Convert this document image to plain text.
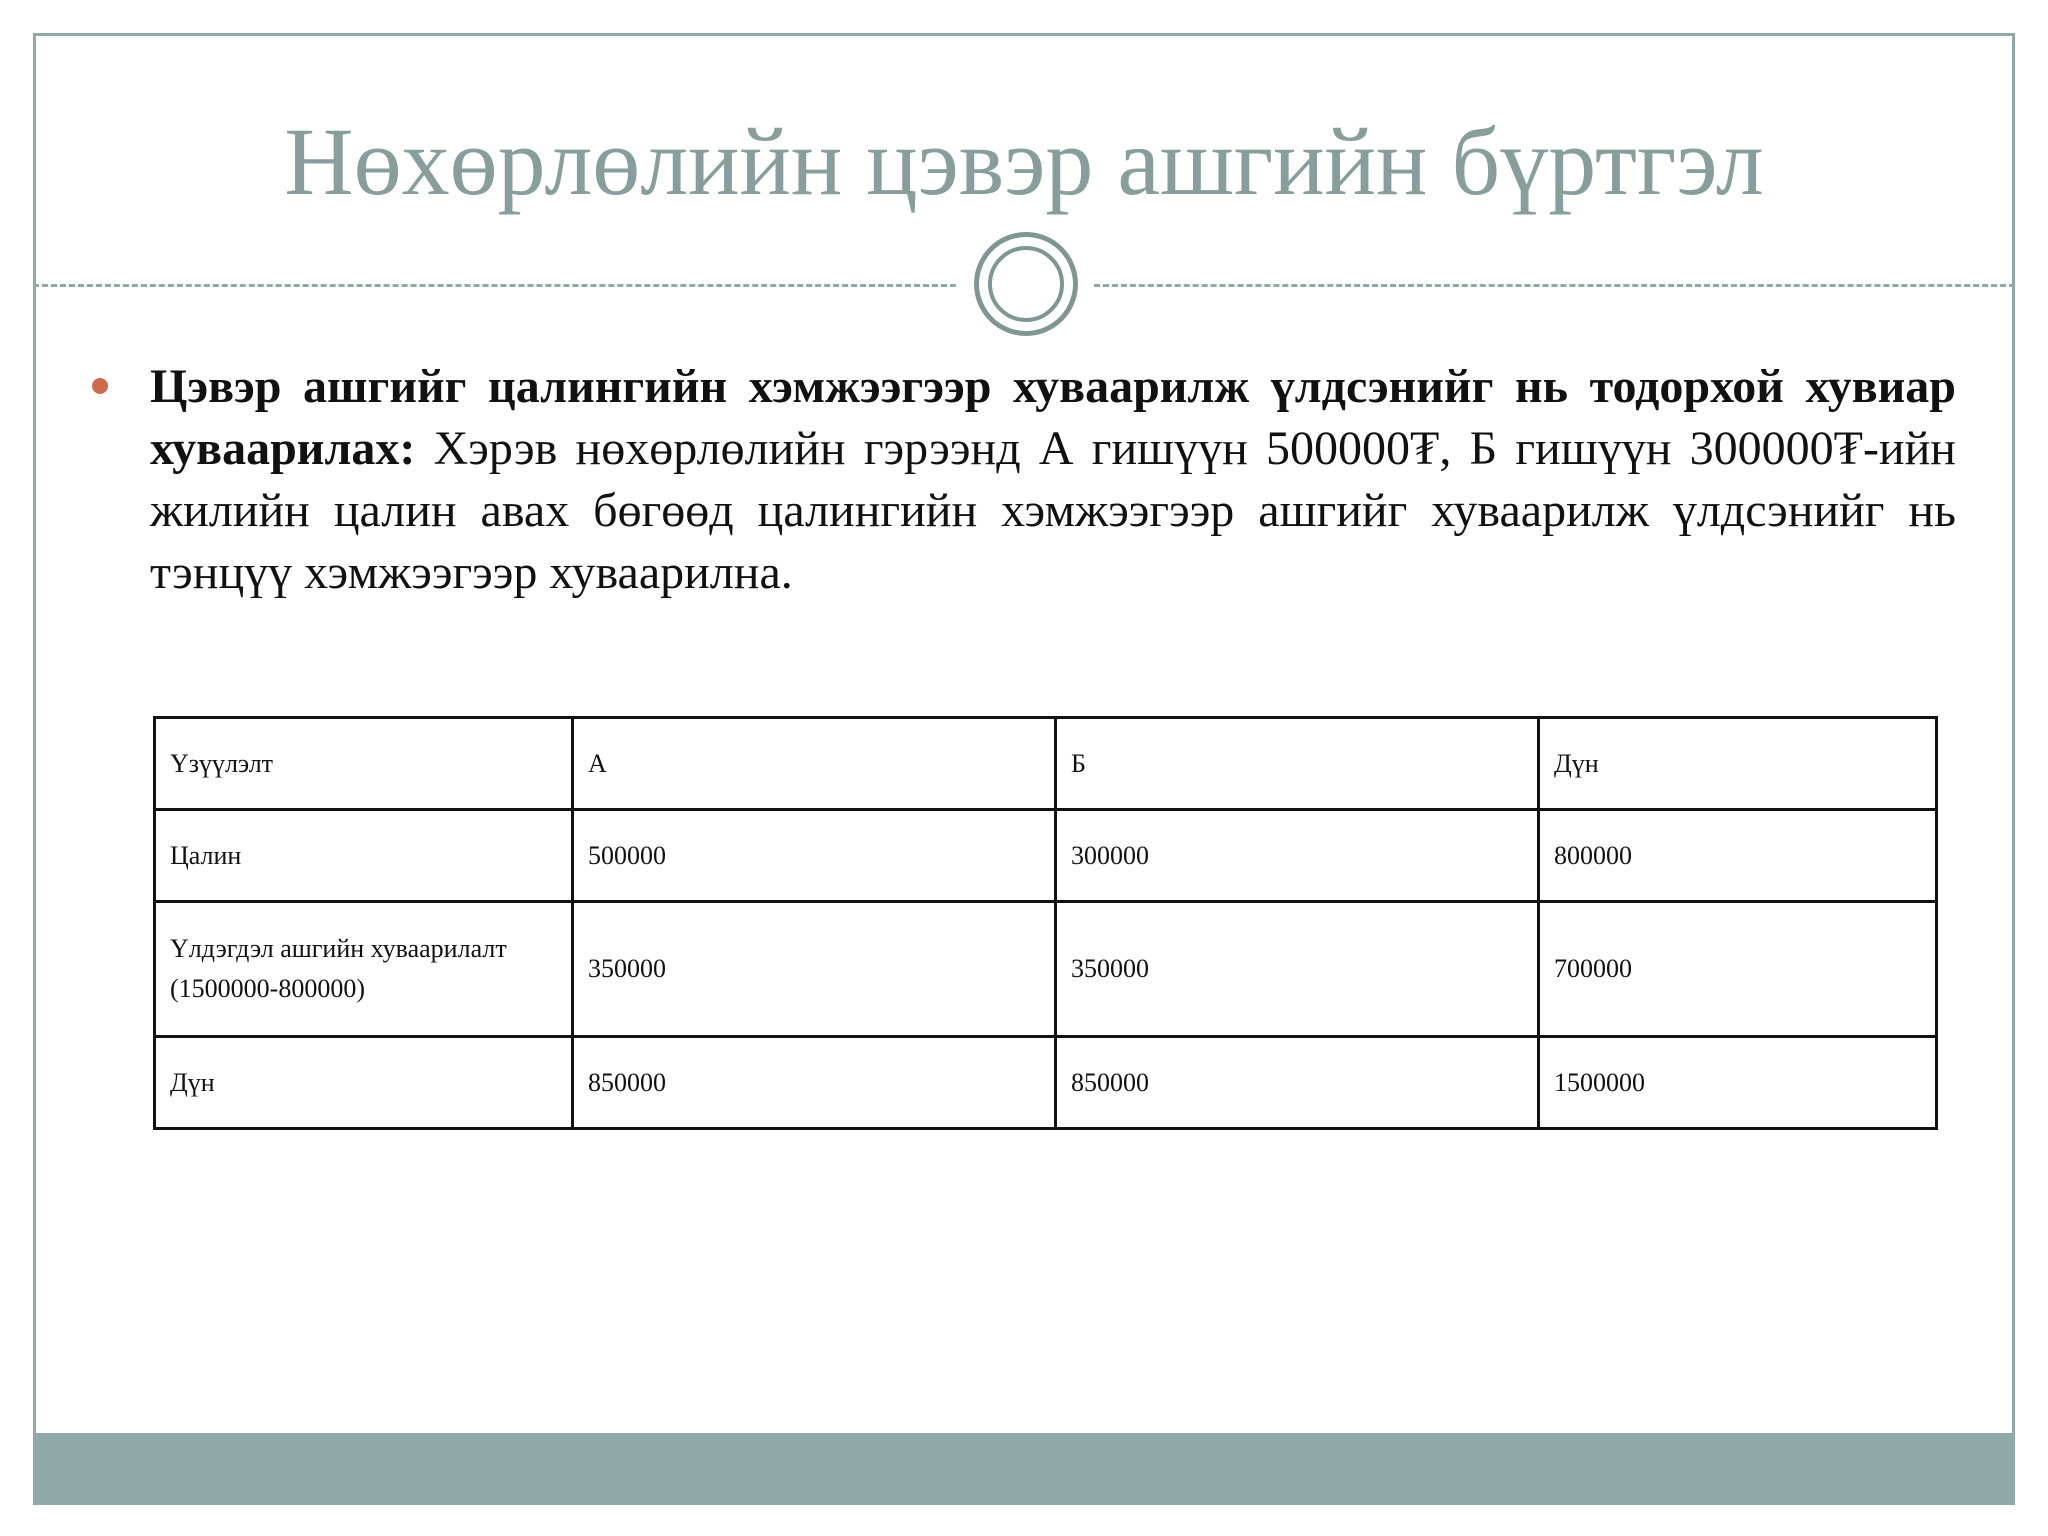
Нөхөрлөлийн цэвэр ашгийн бүртгэл
Цэвэр ашгийг цалингийн хэмжээгээр хуваарилж үлдсэнийг нь тодорхой хувиар хуваарилах: Хэрэв нөхөрлөлийн гэрээнд А гишүүн 500000₮, Б гишүүн 300000₮-ийн жилийн цалин авах бөгөөд цалингийн хэмжээгээр ашгийг хуваарилж үлдсэнийг нь тэнцүү хэмжээгээр хуваарилна.
Үзүүлэлт	А	Б	Дүн
Цалин	500000	300000	800000
Үлдэгдэл ашгийн хуваарилалт (1500000-800000)	350000	350000	700000
Дүн	850000	850000	1500000
